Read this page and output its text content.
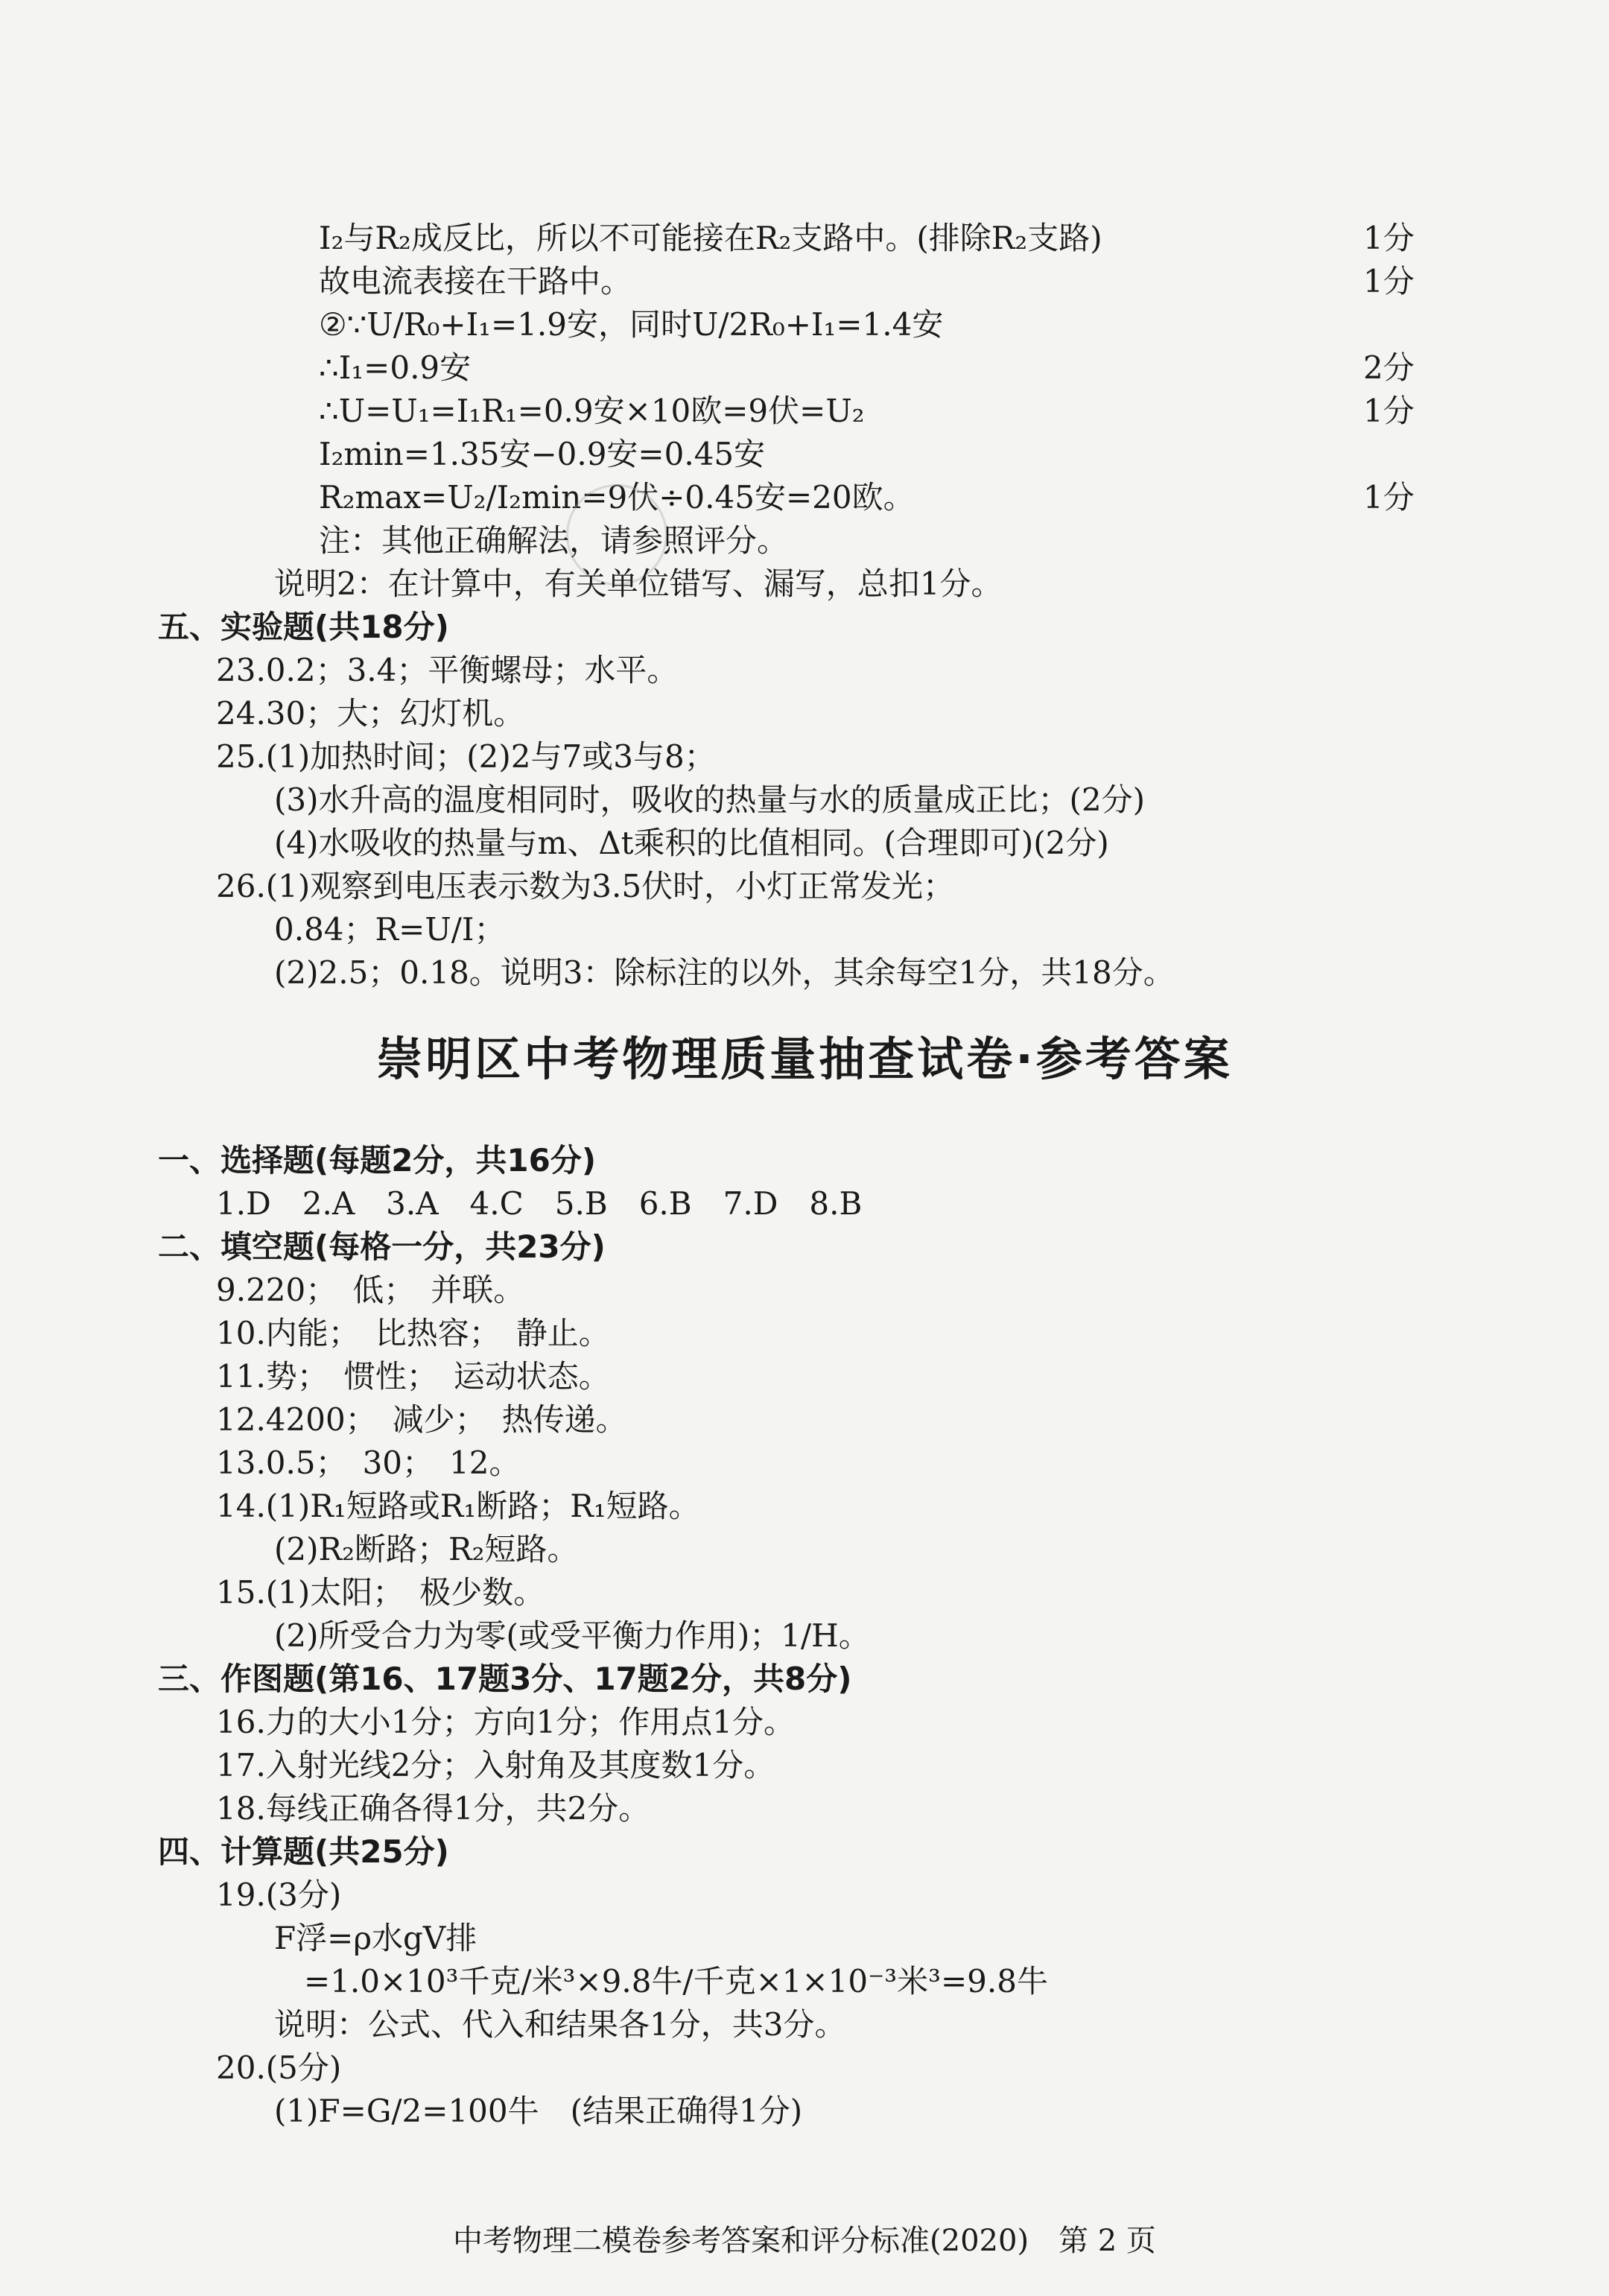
I₂与R₂成反比，所以不可能接在R₂支路中。(排除R₂支路)	1分
故电流表接在干路中。	1分
②∵U/R₀+I₁=1.9安，同时U/2R₀+I₁=1.4安
∴I₁=0.9安	2分
∴U=U₁=I₁R₁=0.9安×10欧=9伏=U₂	1分
I₂min=1.35安−0.9安=0.45安
R₂max=U₂/I₂min=9伏÷0.45安=20欧。	1分
注：其他正确解法，请参照评分。
说明2：在计算中，有关单位错写、漏写，总扣1分。
五、实验题(共18分)
23.0.2；3.4；平衡螺母；水平。
24.30；大；幻灯机。
25.(1)加热时间；(2)2与7或3与8；
(3)水升高的温度相同时，吸收的热量与水的质量成正比；(2分)
(4)水吸收的热量与m、Δt乘积的比值相同。(合理即可)(2分)
26.(1)观察到电压表示数为3.5伏时，小灯正常发光；
0.84；R=U/I；
(2)2.5；0.18。说明3：除标注的以外，其余每空1分，共18分。
崇明区中考物理质量抽查试卷·参考答案
一、选择题(每题2分，共16分)
1.D　2.A　3.A　4.C　5.B　6.B　7.D　8.B
二、填空题(每格一分，共23分)
9.220；　低；　并联。
10.内能；　比热容；　静止。
11.势；　惯性；　运动状态。
12.4200；　减少；　热传递。
13.0.5；　30；　12。
14.(1)R₁短路或R₁断路；R₁短路。
(2)R₂断路；R₂短路。
15.(1)太阳；　极少数。
(2)所受合力为零(或受平衡力作用)；1/H。
三、作图题(第16、17题3分、17题2分，共8分)
16.力的大小1分；方向1分；作用点1分。
17.入射光线2分；入射角及其度数1分。
18.每线正确各得1分，共2分。
四、计算题(共25分)
19.(3分)
F浮=ρ水gV排
=1.0×10³千克/米³×9.8牛/千克×1×10⁻³米³=9.8牛
说明：公式、代入和结果各1分，共3分。
20.(5分)
(1)F=G/2=100牛　(结果正确得1分)
中考物理二模卷参考答案和评分标准(2020)　第 2 页
